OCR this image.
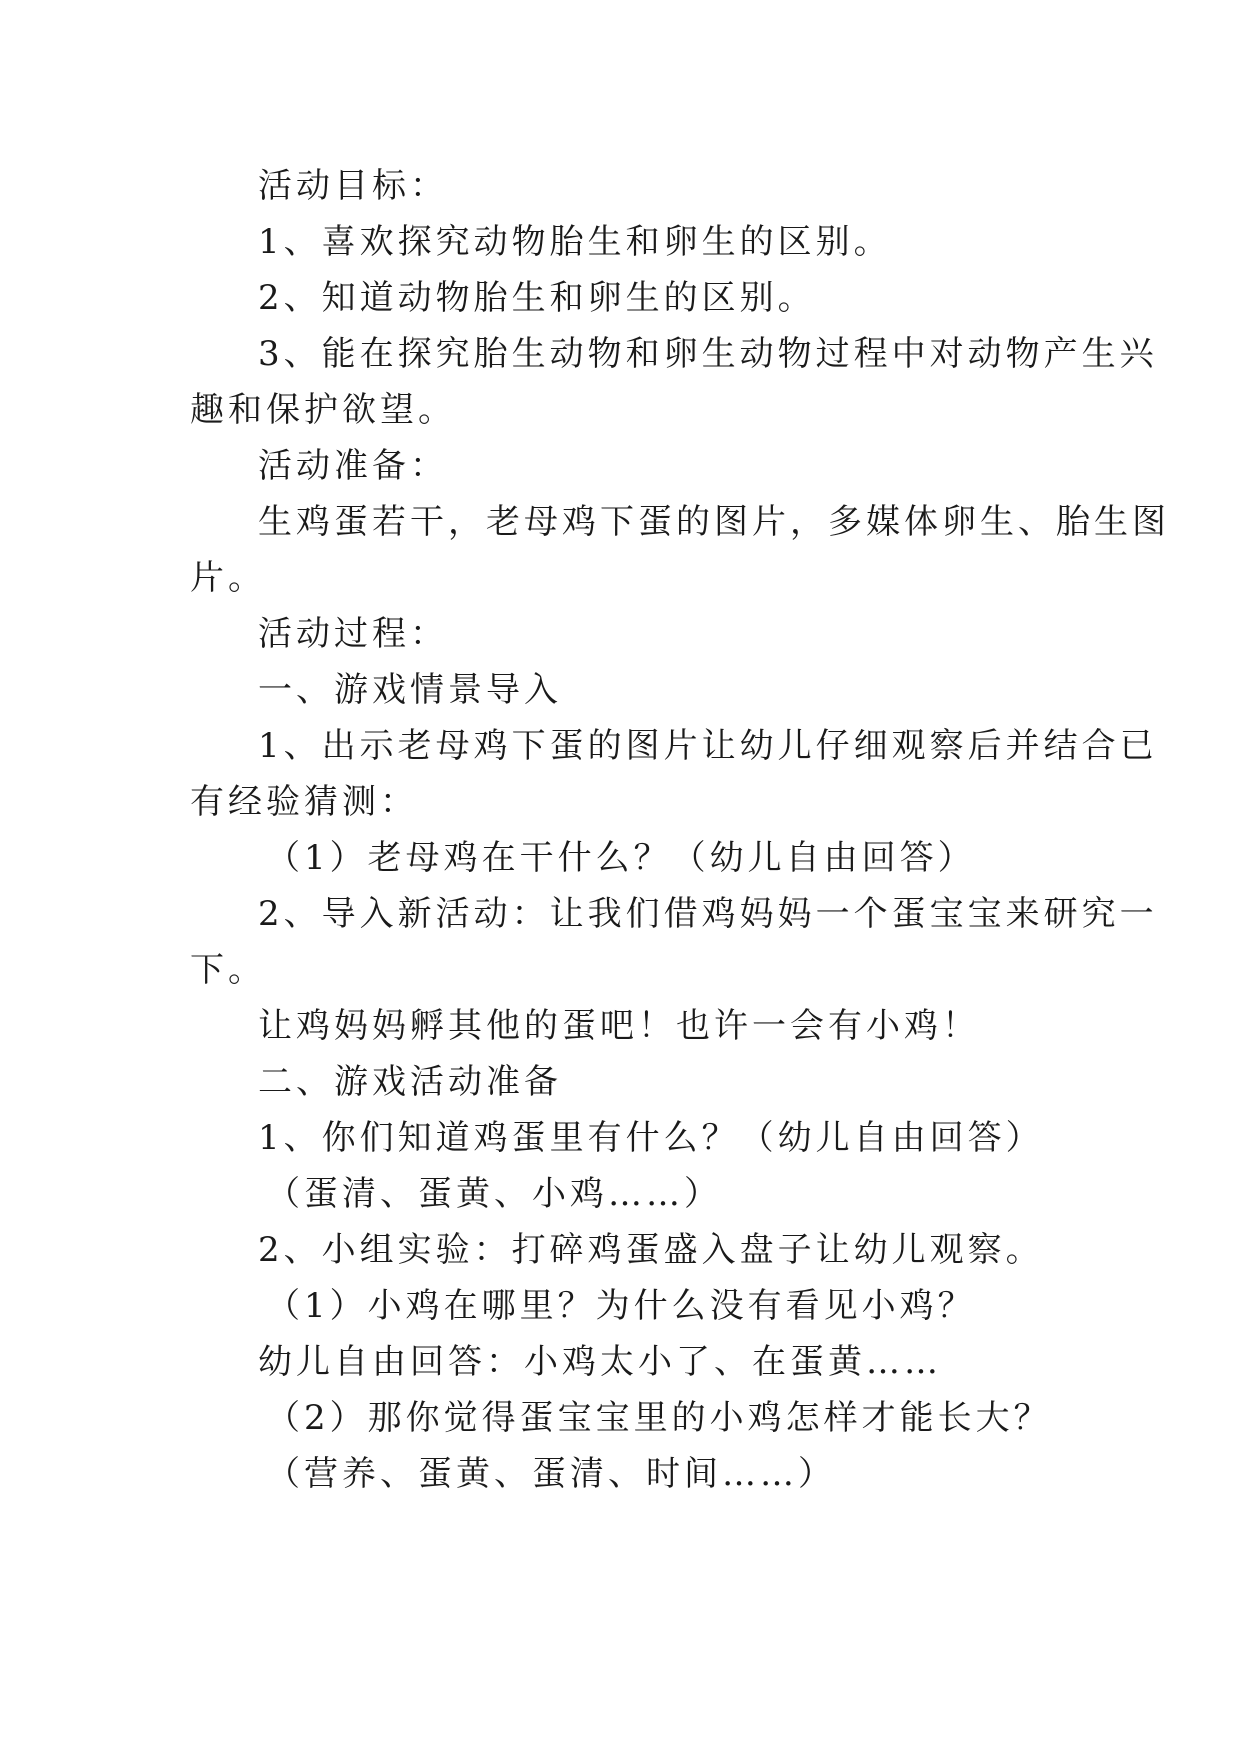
活动目标：
1、喜欢探究动物胎生和卵生的区别。
2、知道动物胎生和卵生的区别。
3、能在探究胎生动物和卵生动物过程中对动物产生兴
趣和保护欲望。
活动准备：
生鸡蛋若干，老母鸡下蛋的图片，多媒体卵生、胎生图
片。
活动过程：
一、游戏情景导入
1、出示老母鸡下蛋的图片让幼儿仔细观察后并结合已
有经验猜测：
（1）老母鸡在干什么？（幼儿自由回答）
2、导入新活动：让我们借鸡妈妈一个蛋宝宝来研究一
下。
让鸡妈妈孵其他的蛋吧！也许一会有小鸡！
二、游戏活动准备
1、你们知道鸡蛋里有什么？（幼儿自由回答）
（蛋清、蛋黄、小鸡……）
2、小组实验：打碎鸡蛋盛入盘子让幼儿观察。
（1）小鸡在哪里？为什么没有看见小鸡？
幼儿自由回答：小鸡太小了、在蛋黄……
（2）那你觉得蛋宝宝里的小鸡怎样才能长大？
（营养、蛋黄、蛋清、时间……）
